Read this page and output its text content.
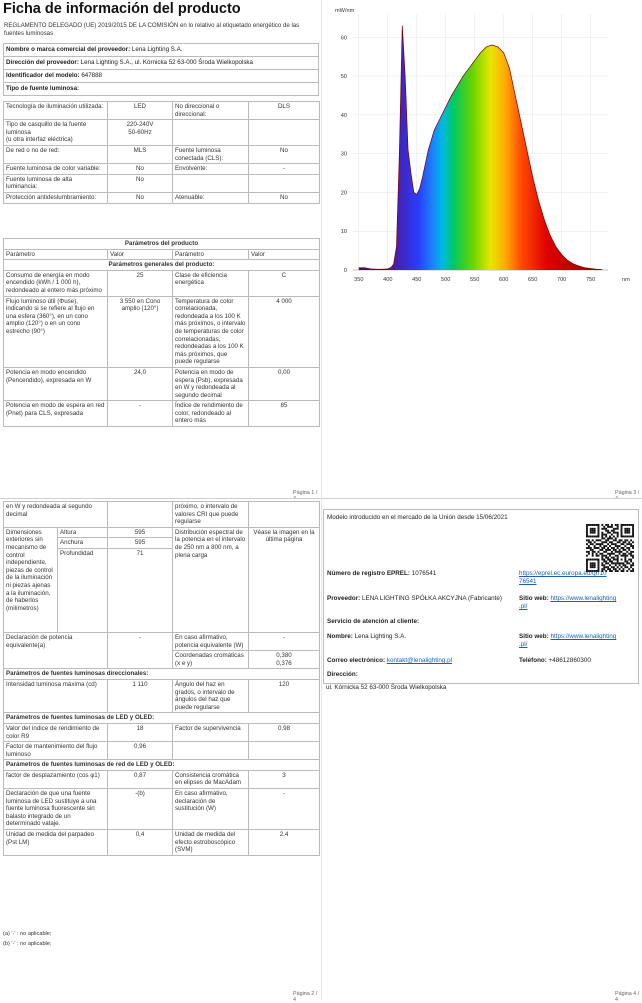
Ficha de información del producto
REGLAMENTO DELEGADO (UE) 2019/2015 DE LA COMISIÓN en lo relativo al etiquetado energético de las fuentes luminosas
Nombre o marca comercial del proveedor: Lena Lighting S.A.
Dirección del proveedor: Lena Lighting S.A., ul. Kórnicka 52 63-000 Środa Wielkopolska
Identificador del modelo: 647888
Tipo de fuente luminosa:
Tecnología de iluminación utilizada:	LED	No direccional o direccional:	DLS
Tipo de casquillo de la fuente luminosa
(u otra interfaz eléctrica)	220-240V
50-60Hz		
De red o no de red:	MLS	Fuente luminosa conectada (CLS):	No
Fuente luminosa de color variable:	No	Envolvente:	-
Fuente luminosa de alta luminancia:	No		
Protección antideslumbramiento:	No	Atenuable:	No
Parámetros del producto			
Parámetro	Valor	Parámetro	Valor
Parámetros generales del producto:			
Consumo de energía en modo encendido (kWh / 1 000 h), redondeado al entero más próximo	25	Clase de eficiencia energética	C
Flujo luminoso útil (Φuse), indicando si se refiere al flujo en una esfera (360°), en un cono amplio (120°) o en un cono estrecho (90°)	3 550 en Cono amplio (120°)	Temperatura de color correlacionada, redondeada a los 100 K más próximos, o intervalo de temperaturas de color correlacionadas, redondeadas a los 100 K más próximos, que puede regularse	4 000
Potencia en modo encendido (Pencendido), expresada en W	24,0	Potencia en modo de espera (Psb), expresada en W y redondeada al segundo decimal	0,00
Potencia en modo de espera en red (Pnet) para CLS, expresada	-	Índice de rendimiento de color, redondeado al entero más	85
Página 1 /
en W y redondeada al segundo decimal			próximo, o intervalo de valores CRI que puede regularse	
Dimensiones exteriores sin mecanismo de control independiente, piezas de control de la iluminación ni piezas ajenas a la iluminación, de haberlos (milímetros)	Altura	595	Distribución espectral de la potencia en el intervalo de 250 nm a 800 nm, a plena carga	Véase la imagen en la última página
	Anchura	595		
	Profundidad	71		
Declaración de potencia equivalente(a)		-	En caso afirmativo, potencia equivalente (W)	-
			Coordenadas cromáticas (x e y)	0,380
0,376
Parámetros de fuentes luminosas direccionales:				
Intensidad luminosa máxima (cd)		1 110	Ángulo del haz en grados, o intervalo de ángulos del haz que puede regularse	120
Parámetros de fuentes luminosas de LED y OLED:				
Valor del índice de rendimiento de color R9		18	Factor de supervivencia	0,98
Factor de mantenimiento del flujo luminoso		0,96		
Parámetros de fuentes luminosas de red de LED y OLED:				
factor de desplazamiento (cos φ1)		0,87	Consistencia cromática en elipses de MacAdam	3
Declaración de que una fuente luminosa de LED sustituye a una fuente luminosa fluorescente sin balasto integrado de un determinado vataje.		-(b)	En caso afirmativo, declaración de sustitución (W)	-
Unidad de medida del parpadeo (Pst LM)		0,4	Unidad de medida del efecto estroboscópico (SVM)	2,4
(a) '-' : no aplicable;
(b) '-' : no aplicable;
Página 2 / 4
0
10
20
30
40
50
60
350	400	450	500	550	600	650	700	750
mW/nm
nm
Página 3 /
Modelo introducido en el mercado de la Unión desde 15/06/2021
Número de registro EPREL: 1076541	https://eprel.ec.europa.eu/qr/10
76541
Proveedor: LENA LIGHTING SPÓŁKA AKCYJNA (Fabricante)	Sitio web: https://www.lenalighting
.pl/
Servicio de atención al cliente:
Nombre: Lena Lighting S.A.	Sitio web: https://www.lenalighting
.pl/
Correo electrónico: kontakt@lenalighting.pl	Teléfono: +48612860300
Dirección:
ul. Kórnicka 52 63-000 Środa Wielkopolska
Página 4 / 4
